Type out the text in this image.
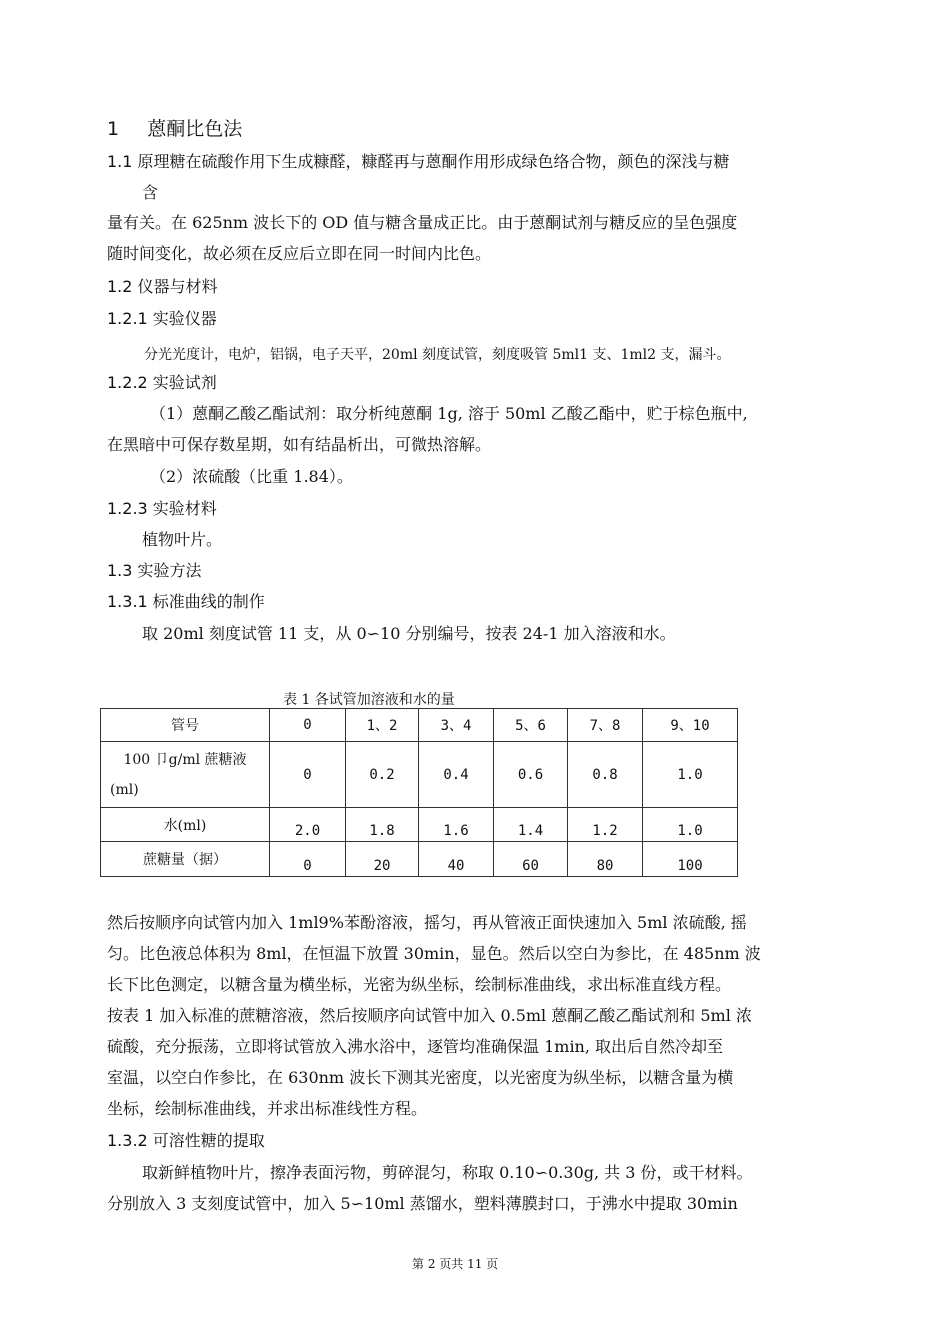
1 蒽酮比色法
1.1 原理糖在硫酸作用下生成糠醛，糠醛再与蒽酮作用形成绿色络合物，颜色的深浅与糖
含
量有关。在 625nm 波长下的 OD 值与糖含量成正比。由于蒽酮试剂与糖反应的呈色强度
随时间变化，故必须在反应后立即在同一时间内比色。
1.2 仪器与材料
1.2.1 实验仪器
分光光度计，电炉，铝锅，电子天平，20ml 刻度试管，刻度吸管 5ml1 支、1ml2 支，漏斗。
1.2.2 实验试剂
（1）蒽酮乙酸乙酯试剂：取分析纯蒽酮 1g, 溶于 50ml 乙酸乙酯中，贮于棕色瓶中,
在黑暗中可保存数星期，如有结晶析出，可微热溶解。
（2）浓硫酸（比重 1.84）。
1.2.3 实验材料
植物叶片。
1.3 实验方法
1.3.1 标准曲线的制作
取 20ml 刻度试管 11 支，从 0∽10 分别编号，按表 24-1 加入溶液和水。
表 1 各试管加溶液和水的量
管号	0	1、2	3、4	5、6	7、8	9、10
100 卩g/ml 蔗糖液
(ml)	0	0.2	0.4	0.6	0.8	1.0
水(ml)	2.0	1.8	1.6	1.4	1.2	1.0
蔗糖量（据）	0	20	40	60	80	100
然后按顺序向试管内加入 1ml9%苯酚溶液，摇匀，再从管液正面快速加入 5ml 浓硫酸, 摇
匀。比色液总体积为 8ml，在恒温下放置 30min，显色。然后以空白为参比，在 485nm 波
长下比色测定，以糖含量为横坐标，光密为纵坐标，绘制标准曲线，求出标准直线方程。
按表 1 加入标准的蔗糖溶液，然后按顺序向试管中加入 0.5ml 蒽酮乙酸乙酯试剂和 5ml 浓
硫酸，充分振荡，立即将试管放入沸水浴中，逐管均准确保温 1min, 取出后自然冷却至
室温，以空白作参比，在 630nm 波长下测其光密度，以光密度为纵坐标，以糖含量为横
坐标，绘制标准曲线，并求出标准线性方程。
1.3.2 可溶性糖的提取
取新鲜植物叶片，擦净表面污物，剪碎混匀，称取 0.10∽0.30g, 共 3 份，或干材料。
分别放入 3 支刻度试管中，加入 5∽10ml 蒸馏水，塑料薄膜封口，于沸水中提取 30min
第 2 页共 11 页
